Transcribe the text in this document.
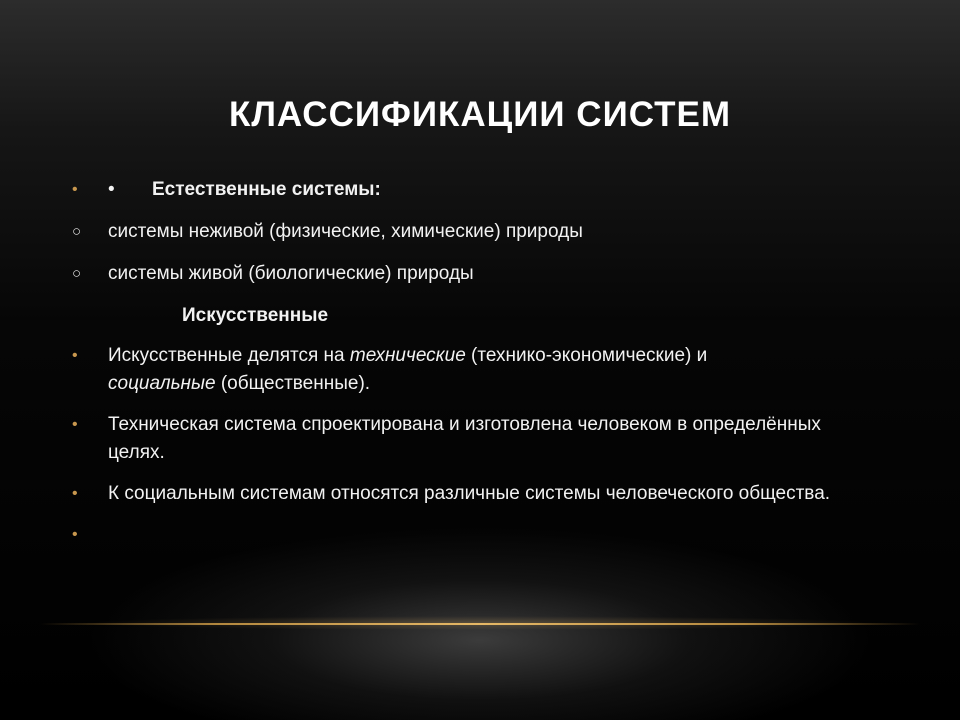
КЛАССИФИКАЦИИ СИСТЕМ
• • Естественные системы:
○ системы неживой (физические, химические) природы
○ системы живой (биологические) природы
Искусственные
• Искусственные делятся на технические (технико-экономические) и
социальные (общественные).
• Техническая система спроектирована и изготовлена человеком в определённых целях.
• К социальным системам относятся различные системы человеческого общества.
•
